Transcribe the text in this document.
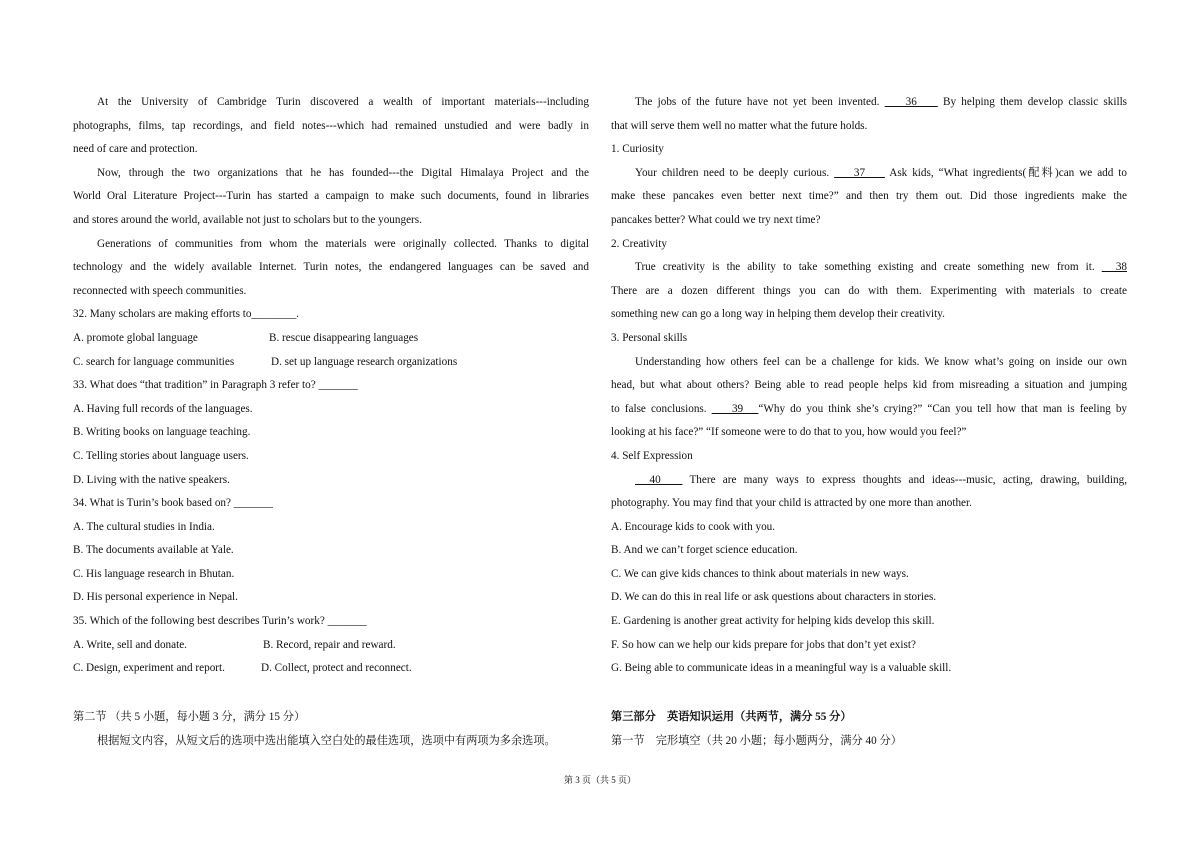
At the University of Cambridge Turin discovered a wealth of important materials---including

photographs, films, tap recordings, and field notes---which had remained unstudied and were badly in

need of care and protection.

Now, through the two organizations that he has founded---the Digital Himalaya Project and the

World Oral Literature Project---Turin has started a campaign to make such documents, found in libraries

and stores around the world, available not just to scholars but to the youngers.

Generations of communities from whom the materials were originally collected. Thanks to digital

technology and the widely available Internet. Turin notes, the endangered languages can be saved and

reconnected with speech communities.

32. Many scholars are making efforts to________.

A. promote global language	B. rescue disappearing languages
C. search for language communities	D. set up language research organizations

33. What does “that tradition” in Paragraph 3 refer to? _______

A. Having full records of the languages.

B. Writing books on language teaching.

C. Telling stories about language users.

D. Living with the native speakers.

34. What is Turin’s book based on? _______

A. The cultural studies in India.

B. The documents available at Yale.

C. His language research in Bhutan.

D. His personal experience in Nepal.

35. Which of the following best describes Turin’s work? _______

A. Write, sell and donate.	B. Record, repair and reward.
C. Design, experiment and report.	D. Collect, protect and reconnect.

The jobs of the future have not yet been invented.     36     By helping them develop classic skills

that will serve them well no matter what the future holds.

1. Curiosity

Your children need to be deeply curious.     37     Ask kids, “What ingredients(配料)can we add to

make these pancakes even better next time?” and then try them out. Did those ingredients make the

pancakes better? What could we try next time?

2. Creativity

True creativity is the ability to take something existing and create something new from it.   38

There are a dozen different things you can do with them. Experimenting with materials to create

something new can go a long way in helping them develop their creativity.

3. Personal skills

Understanding how others feel can be a challenge for kids. We know what’s going on inside our own

head, but what about others? Being able to read people helps kid from misreading a situation and jumping

to false conclusions.     39   “Why do you think she’s crying?” “Can you tell how that man is feeling by

looking at his face?” “If someone were to do that to you, how would you feel?”

4. Self Expression

40    There are many ways to express thoughts and ideas---music, acting, drawing, building,

photography. You may find that your child is attracted by one more than another.

A. Encourage kids to cook with you.

B. And we can’t forget science education.

C. We can give kids chances to think about materials in new ways.

D. We can do this in real life or ask questions about characters in stories.

E. Gardening is another great activity for helping kids develop this skill.

F. So how can we help our kids prepare for jobs that don’t yet exist?

G. Being able to communicate ideas in a meaningful way is a valuable skill.

第二节 （共 5 小题，每小题 3 分，满分 15 分）

根据短文内容，从短文后的选项中选出能填入空白处的最佳选项，选项中有两项为多余选项。

第三部分　英语知识运用（共两节，满分 55 分）

第一节　完形填空（共 20 小题；每小题两分，满分 40 分）

第 3 页（共 5 页）
